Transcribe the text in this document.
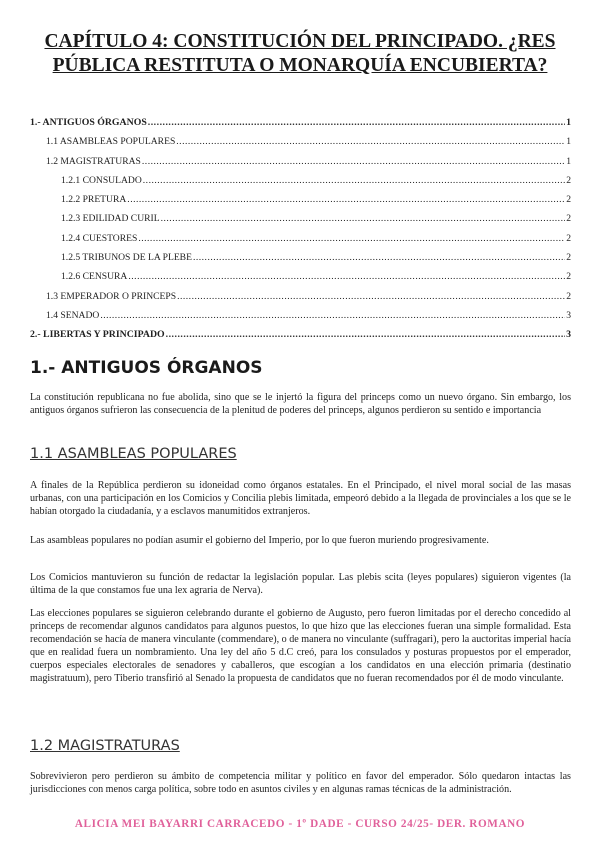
CAPÍTULO 4: CONSTITUCIÓN DEL PRINCIPADO. ¿RES PÚBLICA RESTITUTA O MONARQUÍA ENCUBIERTA?
1.- ANTIGUOS ÓRGANOS .....	1
1.1 ASAMBLEAS POPULARES .....	1
1.2 MAGISTRATURAS .....	1
1.2.1 CONSULADO .....	2
1.2.2 PRETURA .....	2
1.2.3 EDILIDAD CURIL .....	2
1.2.4 CUESTORES .....	2
1.2.5 TRIBUNOS DE LA PLEBE .....	2
1.2.6 CENSURA .....	2
1.3 EMPERADOR O PRINCEPS .....	2
1.4 SENADO .....	3
2.- LIBERTAS Y PRINCIPADO .....	3
1.- ANTIGUOS ÓRGANOS
La constitución republicana no fue abolida, sino que se le injertó la figura del princeps como un nuevo órgano. Sin embargo, los antiguos órganos sufrieron las consecuencia de la plenitud de poderes del princeps, algunos perdieron su sentido e importancia
1.1 ASAMBLEAS POPULARES
A finales de la República perdieron su idoneidad como órganos estatales. En el Principado, el nivel moral social de las masas urbanas, con una participación en los Comicios y Concilia plebis limitada, empeoró debido a la llegada de provinciales a los que se le habían otorgado la ciudadanía, y a esclavos manumitidos extranjeros.
Las asambleas populares no podían asumir el gobierno del Imperio, por lo que fueron muriendo progresivamente.
Los Comicios mantuvieron su función de redactar la legislación popular. Las plebis scita (leyes populares) siguieron vigentes (la última de la que constamos fue una lex agraria de Nerva).
Las elecciones populares se siguieron celebrando durante el gobierno de Augusto, pero fueron limitadas por el derecho concedido al princeps de recomendar algunos candidatos para algunos puestos, lo que hizo que las elecciones fueran una simple formalidad. Esta recomendación se hacía de manera vinculante (commendare), o de manera no vinculante (suffragari), pero la auctoritas imperial hacía que en realidad fuera un nombramiento. Una ley del año 5 d.C creó, para los consulados y posturas propuestos por el emperador, cuerpos especiales electorales de senadores y caballeros, que escogían a los candidatos en una elección primaria (destinatio magistratuum), pero Tiberio transfirió al Senado la propuesta de candidatos que no fueran recomendados por él de modo vinculante.
1.2 MAGISTRATURAS
Sobrevivieron pero perdieron su ámbito de competencia militar y político en favor del emperador. Sólo quedaron intactas las jurisdicciones con menos carga política, sobre todo en asuntos civiles y en algunas ramas técnicas de la administración.
ALICIA MEI BAYARRI CARRACEDO - 1º DADE - CURSO 24/25- DER. ROMANO
